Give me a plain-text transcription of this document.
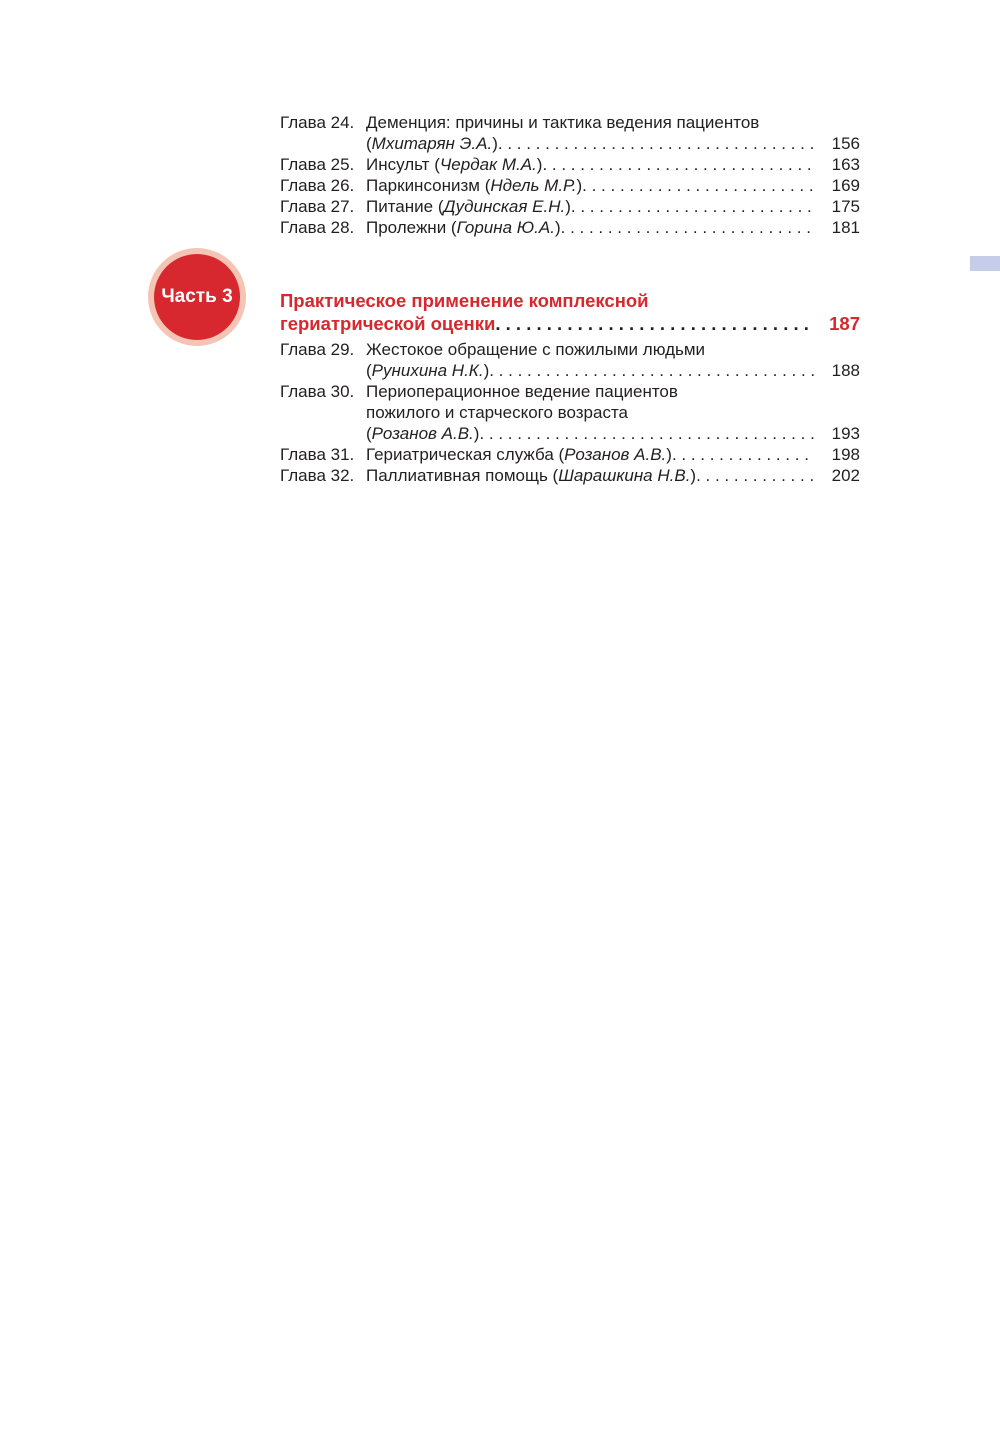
Глава 24. Деменция: причины и тактика ведения пациентов
(Мхитарян Э.А.) . . .	156
Глава 25. Инсульт (Чердак М.А.) . . .	163
Глава 26. Паркинсонизм (Ндель М.Р.) . . .	169
Глава 27. Питание (Дудинская Е.Н.) . . .	175
Глава 28. Пролежни (Горина Ю.А.) . . .	181
Часть 3	Практическое применение комплексной
гериатрической оценки . . .	187
Глава 29. Жестокое обращение с пожилыми людьми
(Рунихина Н.К.) . . .	188
Глава 30. Периоперационное ведение пациентов
пожилого и старческого возраста
(Розанов А.В.) . . .	193
Глава 31. Гериатрическая служба (Розанов А.В.) . . .	198
Глава 32. Паллиативная помощь (Шарашкина Н.В.) . . .	202
